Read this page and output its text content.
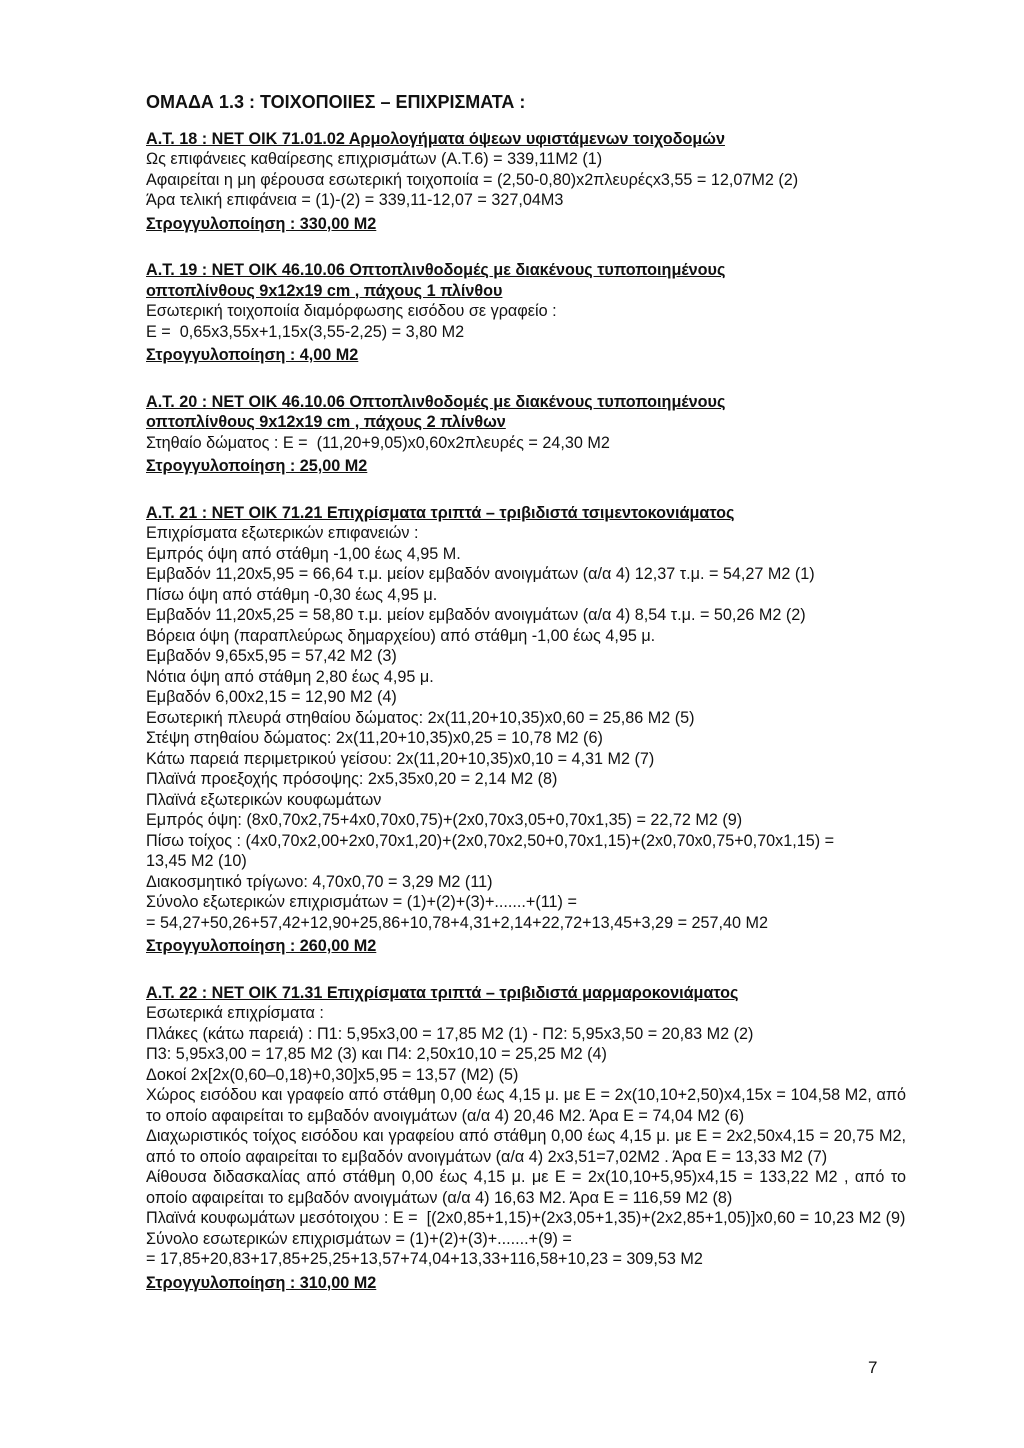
ΟΜΑΔΑ 1.3 : ΤΟΙΧΟΠΟΙΙΕΣ – ΕΠΙΧΡΙΣΜΑΤΑ :
Α.Τ. 18 : ΝΕΤ ΟΙΚ 71.01.02 Αρμολογήματα όψεων υφιστάμενων τοιχοδομών
Ως επιφάνειες καθαίρεσης επιχρισμάτων (Α.Τ.6) = 339,11Μ2 (1)
Αφαιρείται η μη φέρουσα εσωτερική τοιχοποιία = (2,50-0,80)x2πλευρέςx3,55 = 12,07Μ2 (2)
Άρα τελική επιφάνεια = (1)-(2) = 339,11-12,07 = 327,04Μ3
Στρογγυλοποίηση : 330,00 Μ2
Α.Τ. 19 : ΝΕΤ ΟΙΚ 46.10.06 Οπτοπλινθοδομές με διακένους τυποποιημένους
οπτοπλίνθους 9x12x19 cm , πάχους 1 πλίνθου
Εσωτερική τοιχοποιία διαμόρφωσης εισόδου σε γραφείο :
Ε =  0,65x3,55x+1,15x(3,55-2,25) = 3,80 Μ2
Στρογγυλοποίηση : 4,00 Μ2
Α.Τ. 20 : ΝΕΤ ΟΙΚ 46.10.06 Οπτοπλινθοδομές με διακένους τυποποιημένους
οπτοπλίνθους 9x12x19 cm , πάχους 2 πλίνθων
Στηθαίο δώματος : Ε =  (11,20+9,05)x0,60x2πλευρές = 24,30 Μ2
Στρογγυλοποίηση : 25,00 Μ2
Α.Τ. 21 : ΝΕΤ ΟΙΚ 71.21 Επιχρίσματα τριπτά – τριβιδιστά τσιμεντοκονιάματος
Επιχρίσματα εξωτερικών επιφανειών :
Εμπρός όψη από στάθμη -1,00 έως 4,95 Μ.
Εμβαδόν 11,20x5,95 = 66,64 τ.μ. μείον εμβαδόν ανοιγμάτων (α/α 4) 12,37 τ.μ. = 54,27 Μ2 (1)
Πίσω όψη από στάθμη -0,30 έως 4,95 μ.
Εμβαδόν 11,20x5,25 = 58,80 τ.μ. μείον εμβαδόν ανοιγμάτων (α/α 4) 8,54 τ.μ. = 50,26 Μ2 (2)
Βόρεια όψη (παραπλεύρως δημαρχείου) από στάθμη -1,00 έως 4,95 μ.
Εμβαδόν 9,65x5,95 = 57,42 Μ2 (3)
Νότια όψη από στάθμη 2,80 έως 4,95 μ.
Εμβαδόν 6,00x2,15 = 12,90 Μ2 (4)
Εσωτερική πλευρά στηθαίου δώματος: 2x(11,20+10,35)x0,60 = 25,86 Μ2 (5)
Στέψη στηθαίου δώματος: 2x(11,20+10,35)x0,25 = 10,78 Μ2 (6)
Κάτω παρειά περιμετρικού γείσου: 2x(11,20+10,35)x0,10 = 4,31 Μ2 (7)
Πλαϊνά προεξοχής πρόσοψης: 2x5,35x0,20 = 2,14 Μ2 (8)
Πλαϊνά εξωτερικών κουφωμάτων
Εμπρός όψη: (8x0,70x2,75+4x0,70x0,75)+(2x0,70x3,05+0,70x1,35) = 22,72 Μ2 (9)
Πίσω τοίχος : (4x0,70x2,00+2x0,70x1,20)+(2x0,70x2,50+0,70x1,15)+(2x0,70x0,75+0,70x1,15) =
13,45 Μ2 (10)
Διακοσμητικό τρίγωνο: 4,70x0,70 = 3,29 Μ2 (11)
Σύνολο εξωτερικών επιχρισμάτων = (1)+(2)+(3)+.......+(11) =
= 54,27+50,26+57,42+12,90+25,86+10,78+4,31+2,14+22,72+13,45+3,29 = 257,40 Μ2
Στρογγυλοποίηση : 260,00 Μ2
Α.Τ. 22 : ΝΕΤ ΟΙΚ 71.31 Επιχρίσματα τριπτά – τριβιδιστά μαρμαροκονιάματος
Εσωτερικά επιχρίσματα :
Πλάκες (κάτω παρειά) : Π1: 5,95x3,00 = 17,85 Μ2 (1) - Π2: 5,95x3,50 = 20,83 Μ2 (2)
Π3: 5,95x3,00 = 17,85 Μ2 (3) και Π4: 2,50x10,10 = 25,25 Μ2 (4)
Δοκοί 2x[2x(0,60–0,18)+0,30]x5,95 = 13,57 (Μ2) (5)
Χώρος εισόδου και γραφείο από στάθμη 0,00 έως 4,15 μ. με Ε = 2x(10,10+2,50)x4,15x = 104,58 Μ2, από το οποίο αφαιρείται το εμβαδόν ανοιγμάτων (α/α 4) 20,46 Μ2. Άρα Ε = 74,04 Μ2 (6)
Διαχωριστικός τοίχος εισόδου και γραφείου από στάθμη 0,00 έως 4,15 μ. με Ε = 2x2,50x4,15 = 20,75 Μ2, από το οποίο αφαιρείται το εμβαδόν ανοιγμάτων (α/α 4) 2x3,51=7,02Μ2 . Άρα Ε = 13,33 Μ2 (7)
Αίθουσα διδασκαλίας από στάθμη 0,00 έως 4,15 μ. με Ε = 2x(10,10+5,95)x4,15 = 133,22 Μ2 , από το οποίο αφαιρείται το εμβαδόν ανοιγμάτων (α/α 4) 16,63 Μ2. Άρα Ε = 116,59 Μ2 (8)
Πλαϊνά κουφωμάτων μεσότοιχου : Ε =  [(2x0,85+1,15)+(2x3,05+1,35)+(2x2,85+1,05)]x0,60 = 10,23 Μ2 (9)
Σύνολο εσωτερικών επιχρισμάτων = (1)+(2)+(3)+.......+(9) =
= 17,85+20,83+17,85+25,25+13,57+74,04+13,33+116,58+10,23 = 309,53 Μ2
Στρογγυλοποίηση : 310,00 Μ2
7
